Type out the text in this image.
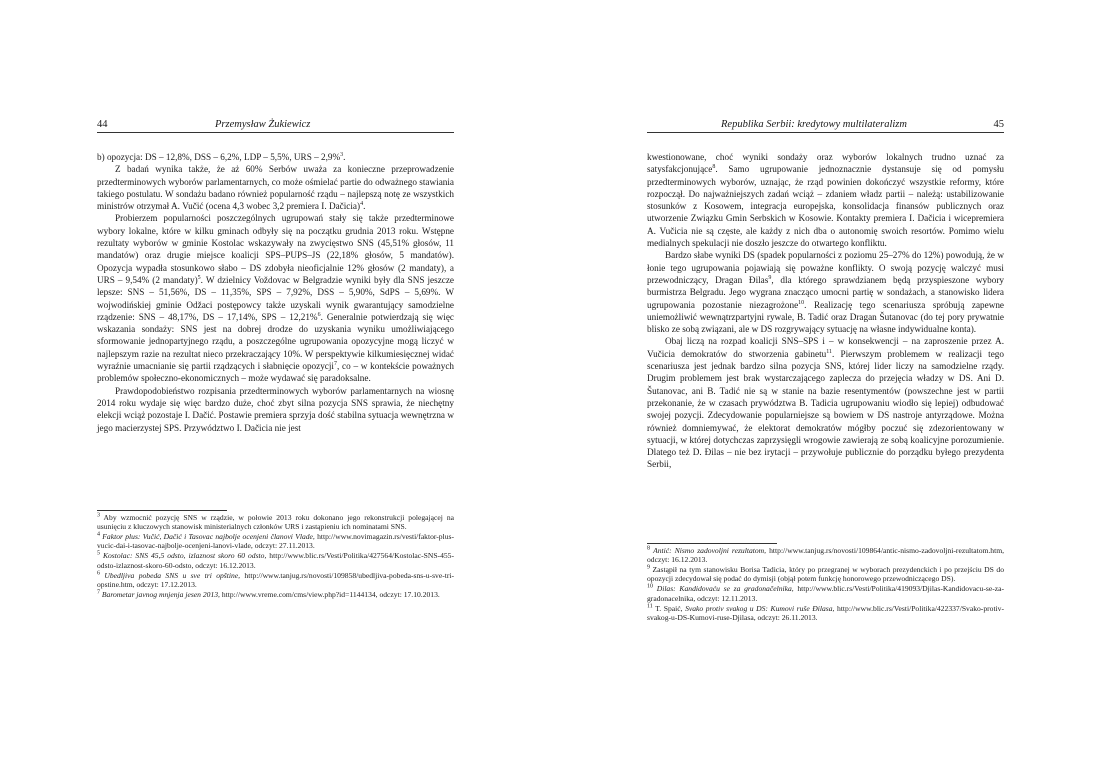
44	Przemysław Żukiewicz

b) opozycja: DS – 12,8%, DSS – 6,2%, LDP – 5,5%, URS – 2,9%$^3$.

Z badań wynika także, że aż 60% Serbów uważa za konieczne przeprowadzenie przedterminowych wyborów parlamentarnych, co może ośmielać partie do odważnego stawiania takiego postulatu. W sondażu badano również popularność rządu – najlepszą notę ze wszystkich ministrów otrzymał A. Vučić (ocena 4,3 wobec 3,2 premiera I. Dačicia)$^4$.

Probierzem popularności poszczególnych ugrupowań stały się także przedterminowe wybory lokalne, które w kilku gminach odbyły się na początku grudnia 2013 roku. Wstępne rezultaty wyborów w gminie Kostolac wskazywały na zwycięstwo SNS (45,51% głosów, 11 mandatów) oraz drugie miejsce koalicji SPS–PUPS–JS (22,18% głosów, 5 mandatów). Opozycja wypadła stosunkowo słabo – DS zdobyła nieoficjalnie 12% głosów (2 mandaty), a URS – 9,54% (2 mandaty)$^5$. W dzielnicy Voždovac w Belgradzie wyniki były dla SNS jeszcze lepsze: SNS – 51,56%, DS – 11,35%, SPS – 7,92%, DSS – 5,90%, SdPS – 5,69%. W wojwodińskiej gminie Odžaci postępowcy także uzyskali wynik gwarantujący samodzielne rządzenie: SNS – 48,17%, DS – 17,14%, SPS – 12,21%$^6$. Generalnie potwierdzają się więc wskazania sondaży: SNS jest na dobrej drodze do uzyskania wyniku umożliwiającego sformowanie jednopartyjnego rządu, a poszczególne ugrupowania opozycyjne mogą liczyć w najlepszym razie na rezultat nieco przekraczający 10%. W perspektywie kilkumiesięcznej widać wyraźnie umacnianie się partii rządzących i słabnięcie opozycji$^7$, co – w kontekście poważnych problemów społeczno-ekonomicznych – może wydawać się paradoksalne.

Prawdopodobieństwo rozpisania przedterminowych wyborów parlamentarnych na wiosnę 2014 roku wydaje się więc bardzo duże, choć zbyt silna pozycja SNS sprawia, że niechętny elekcji wciąż pozostaje I. Dačić. Postawie premiera sprzyja dość stabilna sytuacja wewnętrzna w jego macierzystej SPS. Przywództwo I. Dačicia nie jest

$^3$ Aby wzmocnić pozycję SNS w rządzie, w połowie 2013 roku dokonano jego rekonstrukcji polegającej na usunięciu z kluczowych stanowisk ministerialnych członków URS i zastąpieniu ich nominatami SNS.
$^4$ Faktor plus: Vučić, Dačić i Tasovac najbolje ocenjeni članovi Vlade, http://www.novimagazin.rs/vesti/faktor-plus-vucic-dai-i-tasovac-najbolje-ocenjeni-lanovi-vlade, odczyt: 27.11.2013.
$^5$ Kostolac: SNS 45,5 odsto, izlaznost skoro 60 odsto, http://www.blic.rs/Vesti/Politika/427564/Kostolac-SNS-455-odsto-izlaznost-skoro-60-odsto, odczyt: 16.12.2013.
$^6$ Ubedljiva pobeda SNS u sve tri opštine, http://www.tanjug.rs/novosti/109858/ubedljiva-pobeda-sns-u-sve-tri-opstine.htm, odczyt: 17.12.2013.
$^7$ Barometar javnog mnjenja jesen 2013, http://www.vreme.com/cms/view.php?id=1144134, odczyt: 17.10.2013.
Republika Serbii: kredytowy multilateralizm	45

kwestionowane, choć wyniki sondaży oraz wyborów lokalnych trudno uznać za satysfakcjonujące$^8$. Samo ugrupowanie jednoznacznie dystansuje się od pomysłu przedterminowych wyborów, uznając, że rząd powinien dokończyć wszystkie reformy, które rozpoczął. Do najważniejszych zadań wciąż – zdaniem władz partii – należą: ustabilizowanie stosunków z Kosowem, integracja europejska, konsolidacja finansów publicznych oraz utworzenie Związku Gmin Serbskich w Kosowie. Kontakty premiera I. Dačicia i wicepremiera A. Vučicia nie są częste, ale każdy z nich dba o autonomię swoich resortów. Pomimo wielu medialnych spekulacji nie doszło jeszcze do otwartego konfliktu.

Bardzo słabe wyniki DS (spadek popularności z poziomu 25–27% do 12%) powodują, że w łonie tego ugrupowania pojawiają się poważne konflikty. O swoją pozycję walczyć musi przewodniczący, Dragan Đilas$^9$, dla którego sprawdzianem będą przyspieszone wybory burmistrza Belgradu. Jego wygrana znacząco umocni partię w sondażach, a stanowisko lidera ugrupowania pozostanie niezagrożone$^{10}$. Realizację tego scenariusza spróbują zapewne uniemożliwić wewnątrzpartyjni rywale, B. Tadić oraz Dragan Šutanovac (do tej pory prywatnie blisko ze sobą związani, ale w DS rozgrywający sytuację na własne indywidualne konta).

Obaj liczą na rozpad koalicji SNS–SPS i – w konsekwencji – na zaproszenie przez A. Vučicia demokratów do stworzenia gabinetu$^{11}$. Pierwszym problemem w realizacji tego scenariusza jest jednak bardzo silna pozycja SNS, której lider liczy na samodzielne rządy. Drugim problemem jest brak wystarczającego zaplecza do przejęcia władzy w DS. Ani D. Šutanovac, ani B. Tadić nie są w stanie na bazie resentymentów (powszechne jest w partii przekonanie, że w czasach prywództwa B. Tadicia ugrupowaniu wiodło się lepiej) odbudować swojej pozycji. Zdecydowanie popularniejsze są bowiem w DS nastroje antyrządowe. Można również domniemywać, że elektorat demokratów mógłby poczuć się zdezorientowany w sytuacji, w której dotychczas zaprzysięgli wrogowie zawierają ze sobą koalicyjne porozumienie. Dlatego też D. Đilas – nie bez irytacji – przywołuje publicznie do porządku byłego prezydenta Serbii,

$^8$ Antić: Nismo zadovoljni rezultatom, http://www.tanjug.rs/novosti/109864/antic-nismo-zadovoljni-rezultatom.htm, odczyt: 16.12.2013.
$^9$ Zastąpił na tym stanowisku Borisa Tadicia, który po przegranej w wyborach prezydenckich i po przejściu DS do opozycji zdecydował się podać do dymisji (objął potem funkcję honorowego przewodniczącego DS).
$^{10}$ Dilas: Kandidovaću se za gradonačelnika, http://www.blic.rs/Vesti/Politika/419093/Djilas-Kandidovacu-se-za-gradonacelnika, odczyt: 12.11.2013.
$^{11}$ T. Spaić, Svako protiv svakog u DS: Kumovi ruše Đilasa, http://www.blic.rs/Vesti/Politika/422337/Svako-protiv-svakog-u-DS-Kumovi-ruse-Djilasa, odczyt: 26.11.2013.
